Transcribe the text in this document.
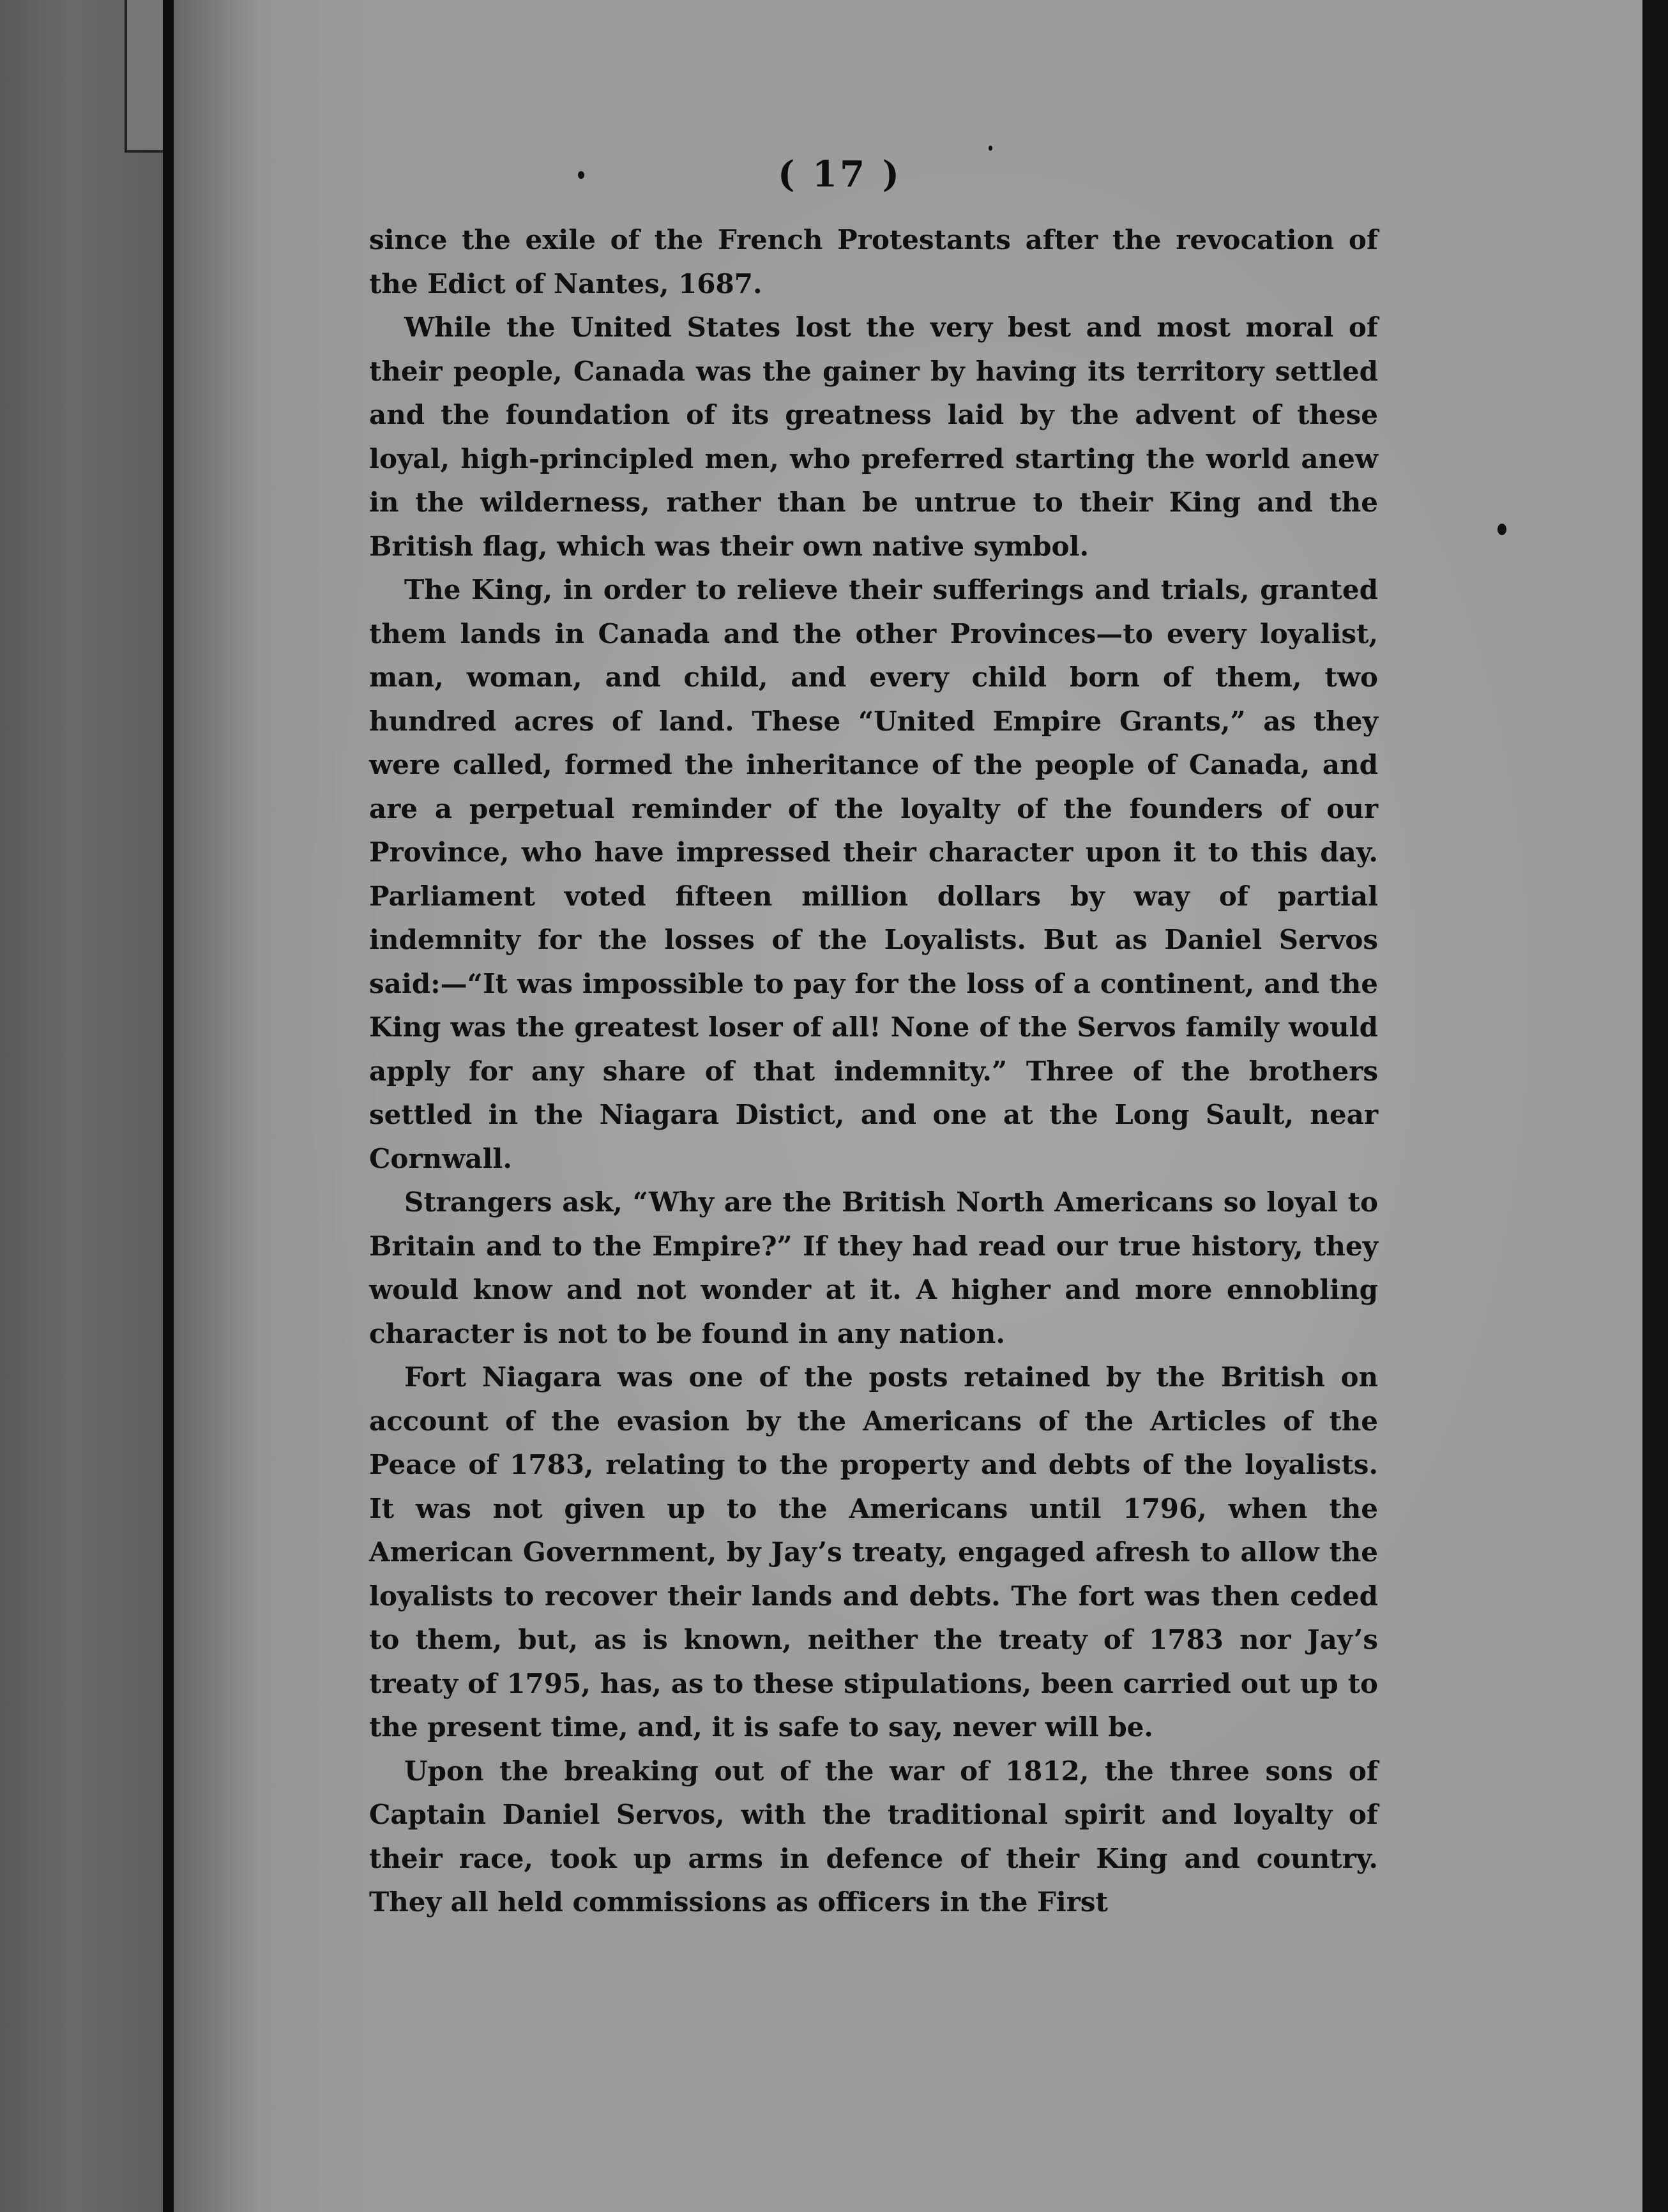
( 17 )

since the exile of the French Protestants after the revocation of the Edict of Nantes, 1687.

While the United States lost the very best and most moral of their people, Canada was the gainer by having its territory settled and the foundation of its greatness laid by the advent of these loyal, high-principled men, who preferred starting the world anew in the wilderness, rather than be untrue to their King and the British flag, which was their own native symbol.

The King, in order to relieve their sufferings and trials, granted them lands in Canada and the other Provinces—to every loyalist, man, woman, and child, and every child born of them, two hundred acres of land. These “United Empire Grants,” as they were called, formed the inheritance of the people of Canada, and are a perpetual reminder of the loyalty of the founders of our Province, who have impressed their character upon it to this day. Parliament voted fifteen million dollars by way of partial indemnity for the losses of the Loyalists. But as Daniel Servos said:—“It was impossible to pay for the loss of a continent, and the King was the greatest loser of all! None of the Servos family would apply for any share of that indemnity.” Three of the brothers settled in the Niagara Distict, and one at the Long Sault, near Cornwall.

Strangers ask, “Why are the British North Americans so loyal to Britain and to the Empire?” If they had read our true history, they would know and not wonder at it. A higher and more ennobling character is not to be found in any nation.

Fort Niagara was one of the posts retained by the British on account of the evasion by the Americans of the Articles of the Peace of 1783, relating to the property and debts of the loyalists. It was not given up to the Americans until 1796, when the American Government, by Jay’s treaty, engaged afresh to allow the loyalists to recover their lands and debts. The fort was then ceded to them, but, as is known, neither the treaty of 1783 nor Jay’s treaty of 1795, has, as to these stipulations, been carried out up to the present time, and, it is safe to say, never will be.

Upon the breaking out of the war of 1812, the three sons of Captain Daniel Servos, with the traditional spirit and loyalty of their race, took up arms in defence of their King and country. They all held commissions as officers in the First
